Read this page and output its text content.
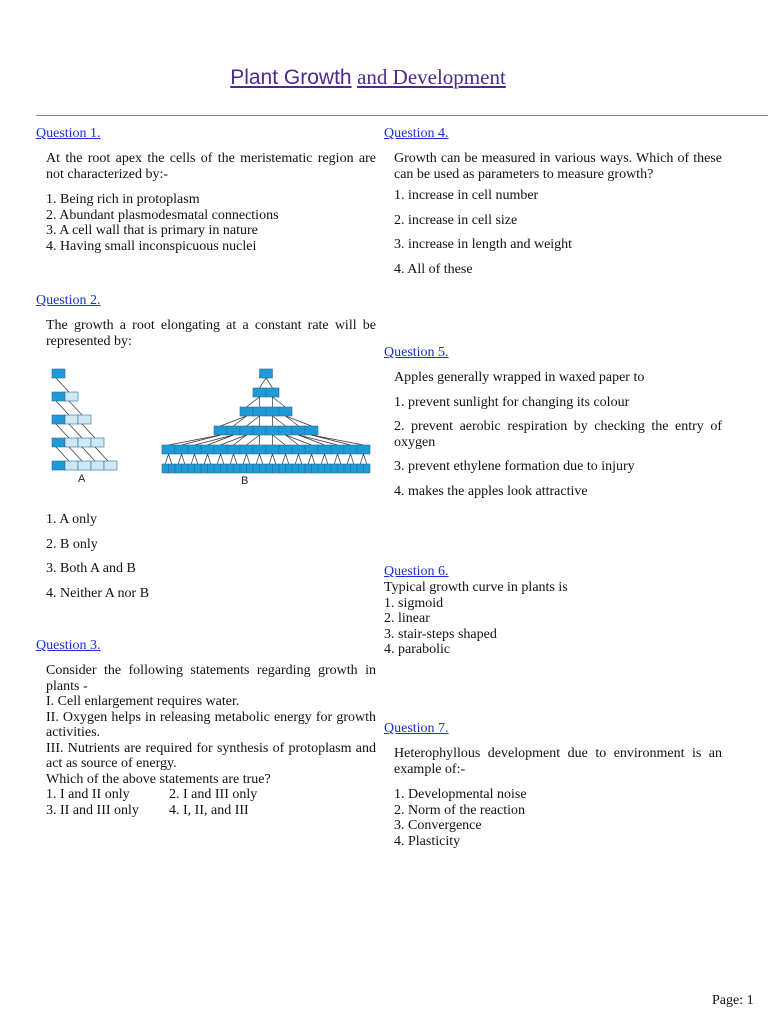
Plant Growth and Development
Question 1.
At the root apex the cells of the meristematic region are not characterized by:-
1. Being rich in protoplasm
2. Abundant plasmodesmatal connections
3. A cell wall that is primary in nature
4. Having small inconspicuous nuclei
Question 2.
The growth a root elongating at a constant rate will be represented by:
A	B
1. A only
2. B only
3. Both A and B
4. Neither A nor B
Question 3.
Consider the following statements regarding growth in plants -
I. Cell enlargement requires water.
II. Oxygen helps in releasing metabolic energy for growth activities.
III. Nutrients are required for synthesis of protoplasm and act as source of energy.
Which of the above statements are true?
1. I and II only	2. I and III only
3. II and III only	4. I, II, and III
Question 4.
Growth can be measured in various ways. Which of these can be used as parameters to measure growth?
1. increase in cell number
2. increase in cell size
3. increase in length and weight
4. All of these
Question 5.
Apples generally wrapped in waxed paper to
1. prevent sunlight for changing its colour
2. prevent aerobic respiration by checking the entry of oxygen
3. prevent ethylene formation due to injury
4. makes the apples look attractive
Question 6.
Typical growth curve in plants is
1. sigmoid
2. linear
3. stair-steps shaped
4. parabolic
Question 7.
Heterophyllous development due to environment is an example of:-
1. Developmental noise
2. Norm of the reaction
3. Convergence
4. Plasticity
Page: 1
